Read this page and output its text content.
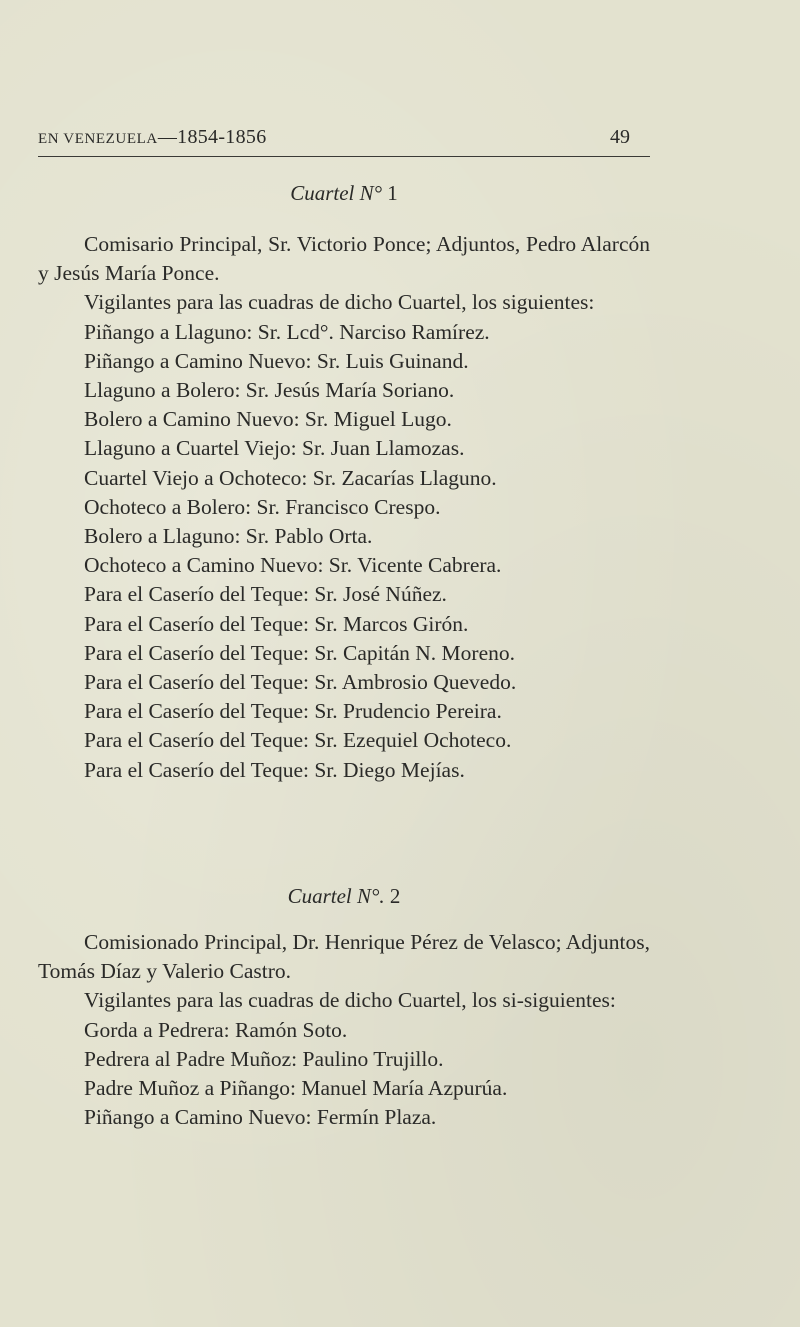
EN VENEZUELA—1854-1856	49
Cuartel N° 1

Comisario Principal, Sr. Victorio Ponce; Adjuntos, Pedro Alarcón y Jesús María Ponce.

Vigilantes para las cuadras de dicho Cuartel, los siguientes:

Piñango a Llaguno: Sr. Lcd°. Narciso Ramírez.
Piñango a Camino Nuevo: Sr. Luis Guinand.
Llaguno a Bolero: Sr. Jesús María Soriano.
Bolero a Camino Nuevo: Sr. Miguel Lugo.
Llaguno a Cuartel Viejo: Sr. Juan Llamozas.
Cuartel Viejo a Ochoteco: Sr. Zacarías Llaguno.
Ochoteco a Bolero: Sr. Francisco Crespo.
Bolero a Llaguno: Sr. Pablo Orta.
Ochoteco a Camino Nuevo: Sr. Vicente Cabrera.
Para el Caserío del Teque: Sr. José Núñez.
Para el Caserío del Teque: Sr. Marcos Girón.
Para el Caserío del Teque: Sr. Capitán N. Moreno.
Para el Caserío del Teque: Sr. Ambrosio Quevedo.
Para el Caserío del Teque: Sr. Prudencio Pereira.
Para el Caserío del Teque: Sr. Ezequiel Ochoteco.
Para el Caserío del Teque: Sr. Diego Mejías.
Cuartel N°. 2

Comisionado Principal, Dr. Henrique Pérez de Velasco; Adjuntos, Tomás Díaz y Valerio Castro.

Vigilantes para las cuadras de dicho Cuartel, los si-siguientes:

Gorda a Pedrera: Ramón Soto.
Pedrera al Padre Muñoz: Paulino Trujillo.
Padre Muñoz a Piñango: Manuel María Azpurúa.
Piñango a Camino Nuevo: Fermín Plaza.
